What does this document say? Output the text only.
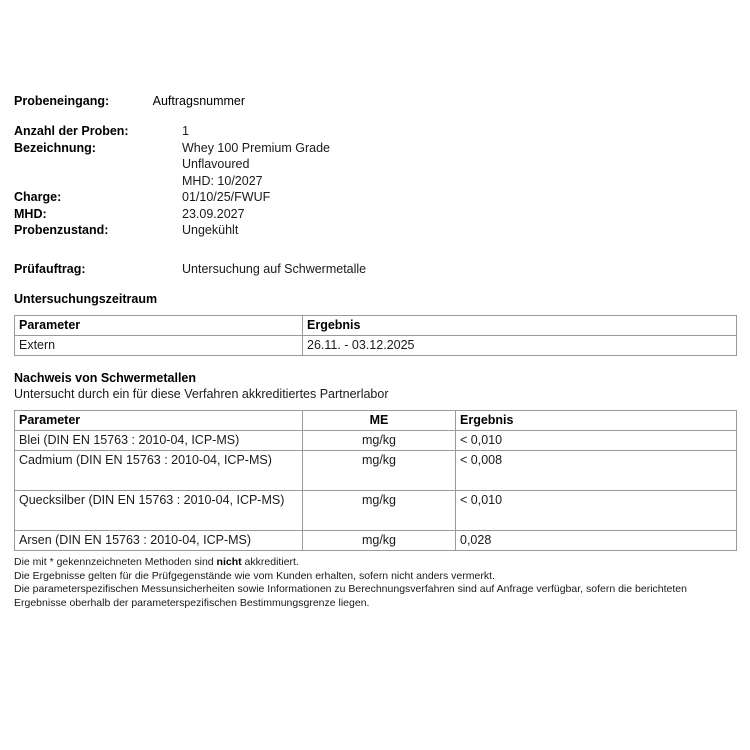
Probeneingang:	Auftragsnummer
Anzahl der Proben:	1
Bezeichnung:	Whey 100 Premium Grade
Unflavoured
MHD: 10/2027
Charge:	01/10/25/FWUF
MHD:	23.09.2027
Probenzustand:	Ungekühlt
Prüfauftrag:	Untersuchung auf Schwermetalle
Untersuchungszeitraum
Parameter	Ergebnis
Extern	26.11. - 03.12.2025
Nachweis von Schwermetallen
Untersucht durch ein für diese Verfahren akkreditiertes Partnerlabor
Parameter	ME	Ergebnis
Blei (DIN EN 15763 : 2010-04, ICP-MS)	mg/kg	< 0,010
Cadmium (DIN EN 15763 : 2010-04, ICP-MS)	mg/kg	< 0,008
Quecksilber (DIN EN 15763 : 2010-04, ICP-MS)	mg/kg	< 0,010
Arsen (DIN EN 15763 : 2010-04, ICP-MS)	mg/kg	0,028

Die mit * gekennzeichneten Methoden sind nicht akkreditiert.

Die Ergebnisse gelten für die Prüfgegenstände wie vom Kunden erhalten, sofern nicht anders vermerkt.

Die parameterspezifischen Messunsicherheiten sowie Informationen zu Berechnungsverfahren sind auf Anfrage verfügbar, sofern die berichteten Ergebnisse oberhalb der parameterspezifischen Bestimmungsgrenze liegen.
